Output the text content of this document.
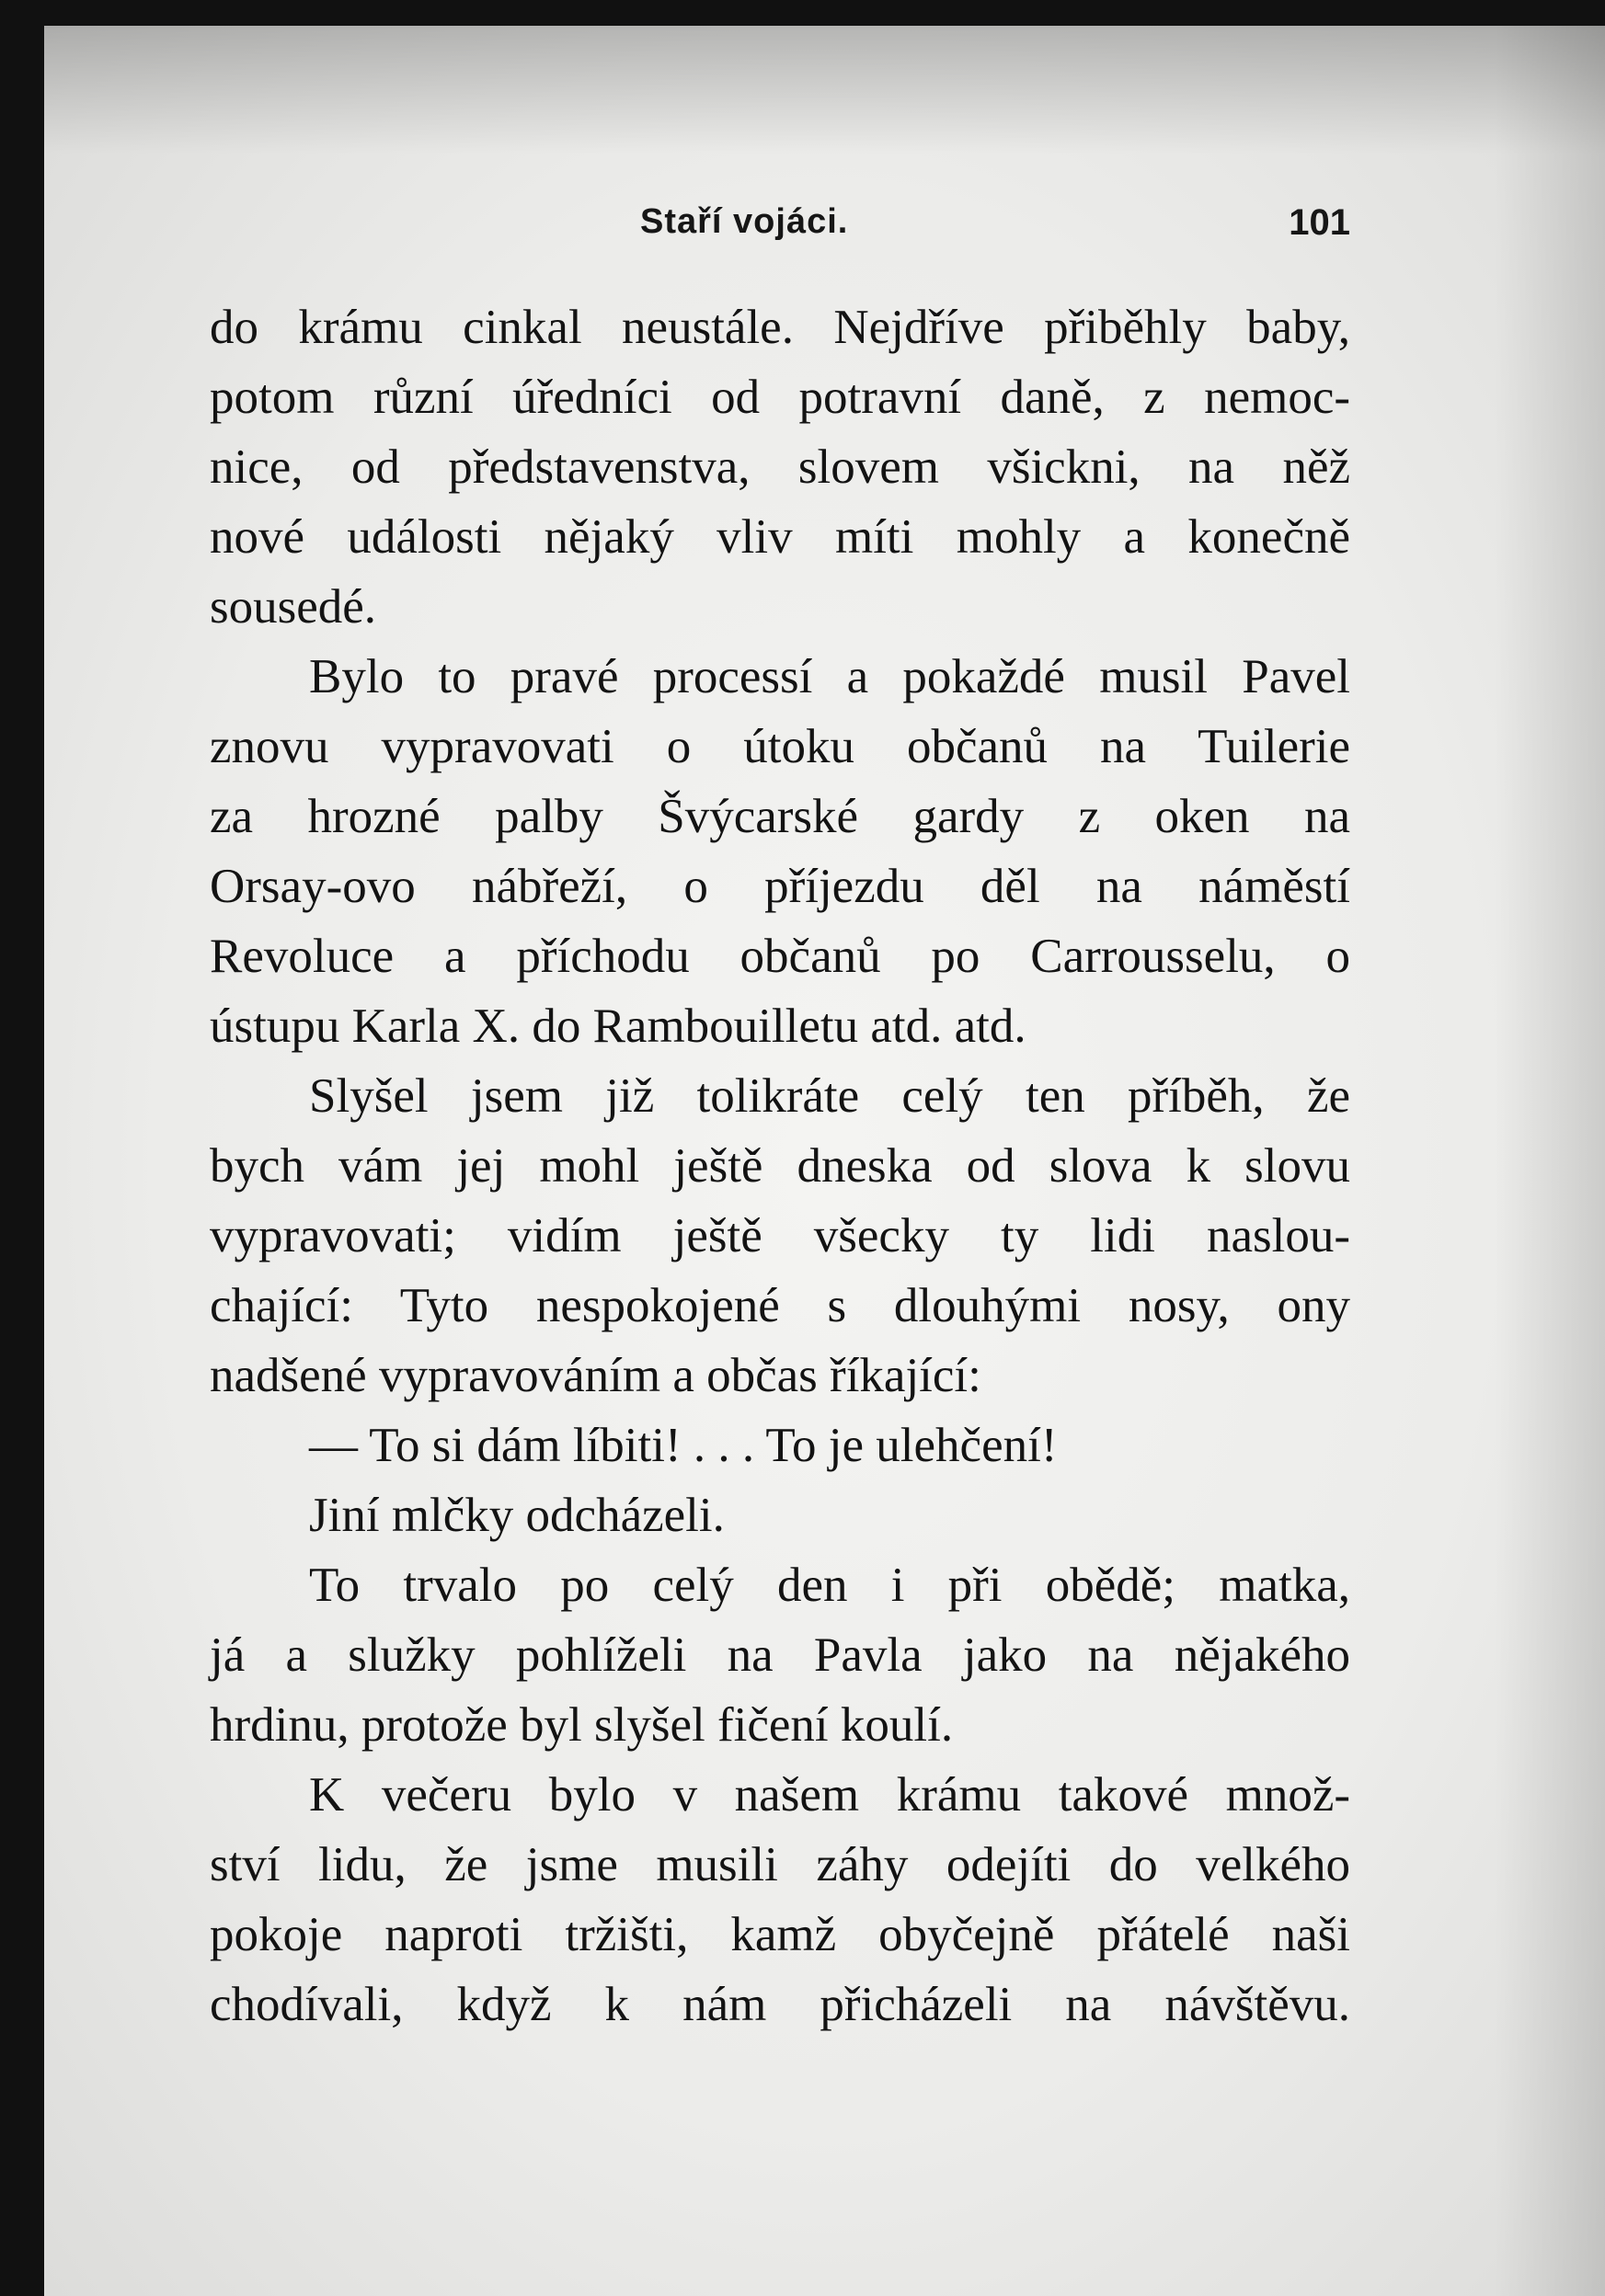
Staří vojáci.	101
do krámu cinkal neustále. Nejdříve přiběhly baby,
potom různí úředníci od potravní daně, z nemoc-
nice, od představenstva, slovem všickni, na něž
nové události nějaký vliv míti mohly a konečně
sousedé.
Bylo to pravé processí a pokaždé musil Pavel
znovu vypravovati o útoku občanů na Tuilerie
za hrozné palby Švýcarské gardy z oken na
Orsay-ovo nábřeží, o příjezdu děl na náměstí
Revoluce a příchodu občanů po Carrousselu, o
ústupu Karla X. do Rambouilletu atd. atd.
Slyšel jsem již tolikráte celý ten příběh, že
bych vám jej mohl ještě dneska od slova k slovu
vypravovati; vidím ještě všecky ty lidi naslou-
chající: Tyto nespokojené s dlouhými nosy, ony
nadšené vypravováním a občas říkající:
— To si dám líbiti! . . . To je ulehčení!
Jiní mlčky odcházeli.
To trvalo po celý den i při obědě; matka,
já a služky pohlíželi na Pavla jako na nějakého
hrdinu, protože byl slyšel fičení koulí.
K večeru bylo v našem krámu takové množ-
ství lidu, že jsme musili záhy odejíti do velkého
pokoje naproti tržišti, kamž obyčejně přátelé naši
chodívali, když k nám přicházeli na návštěvu.
